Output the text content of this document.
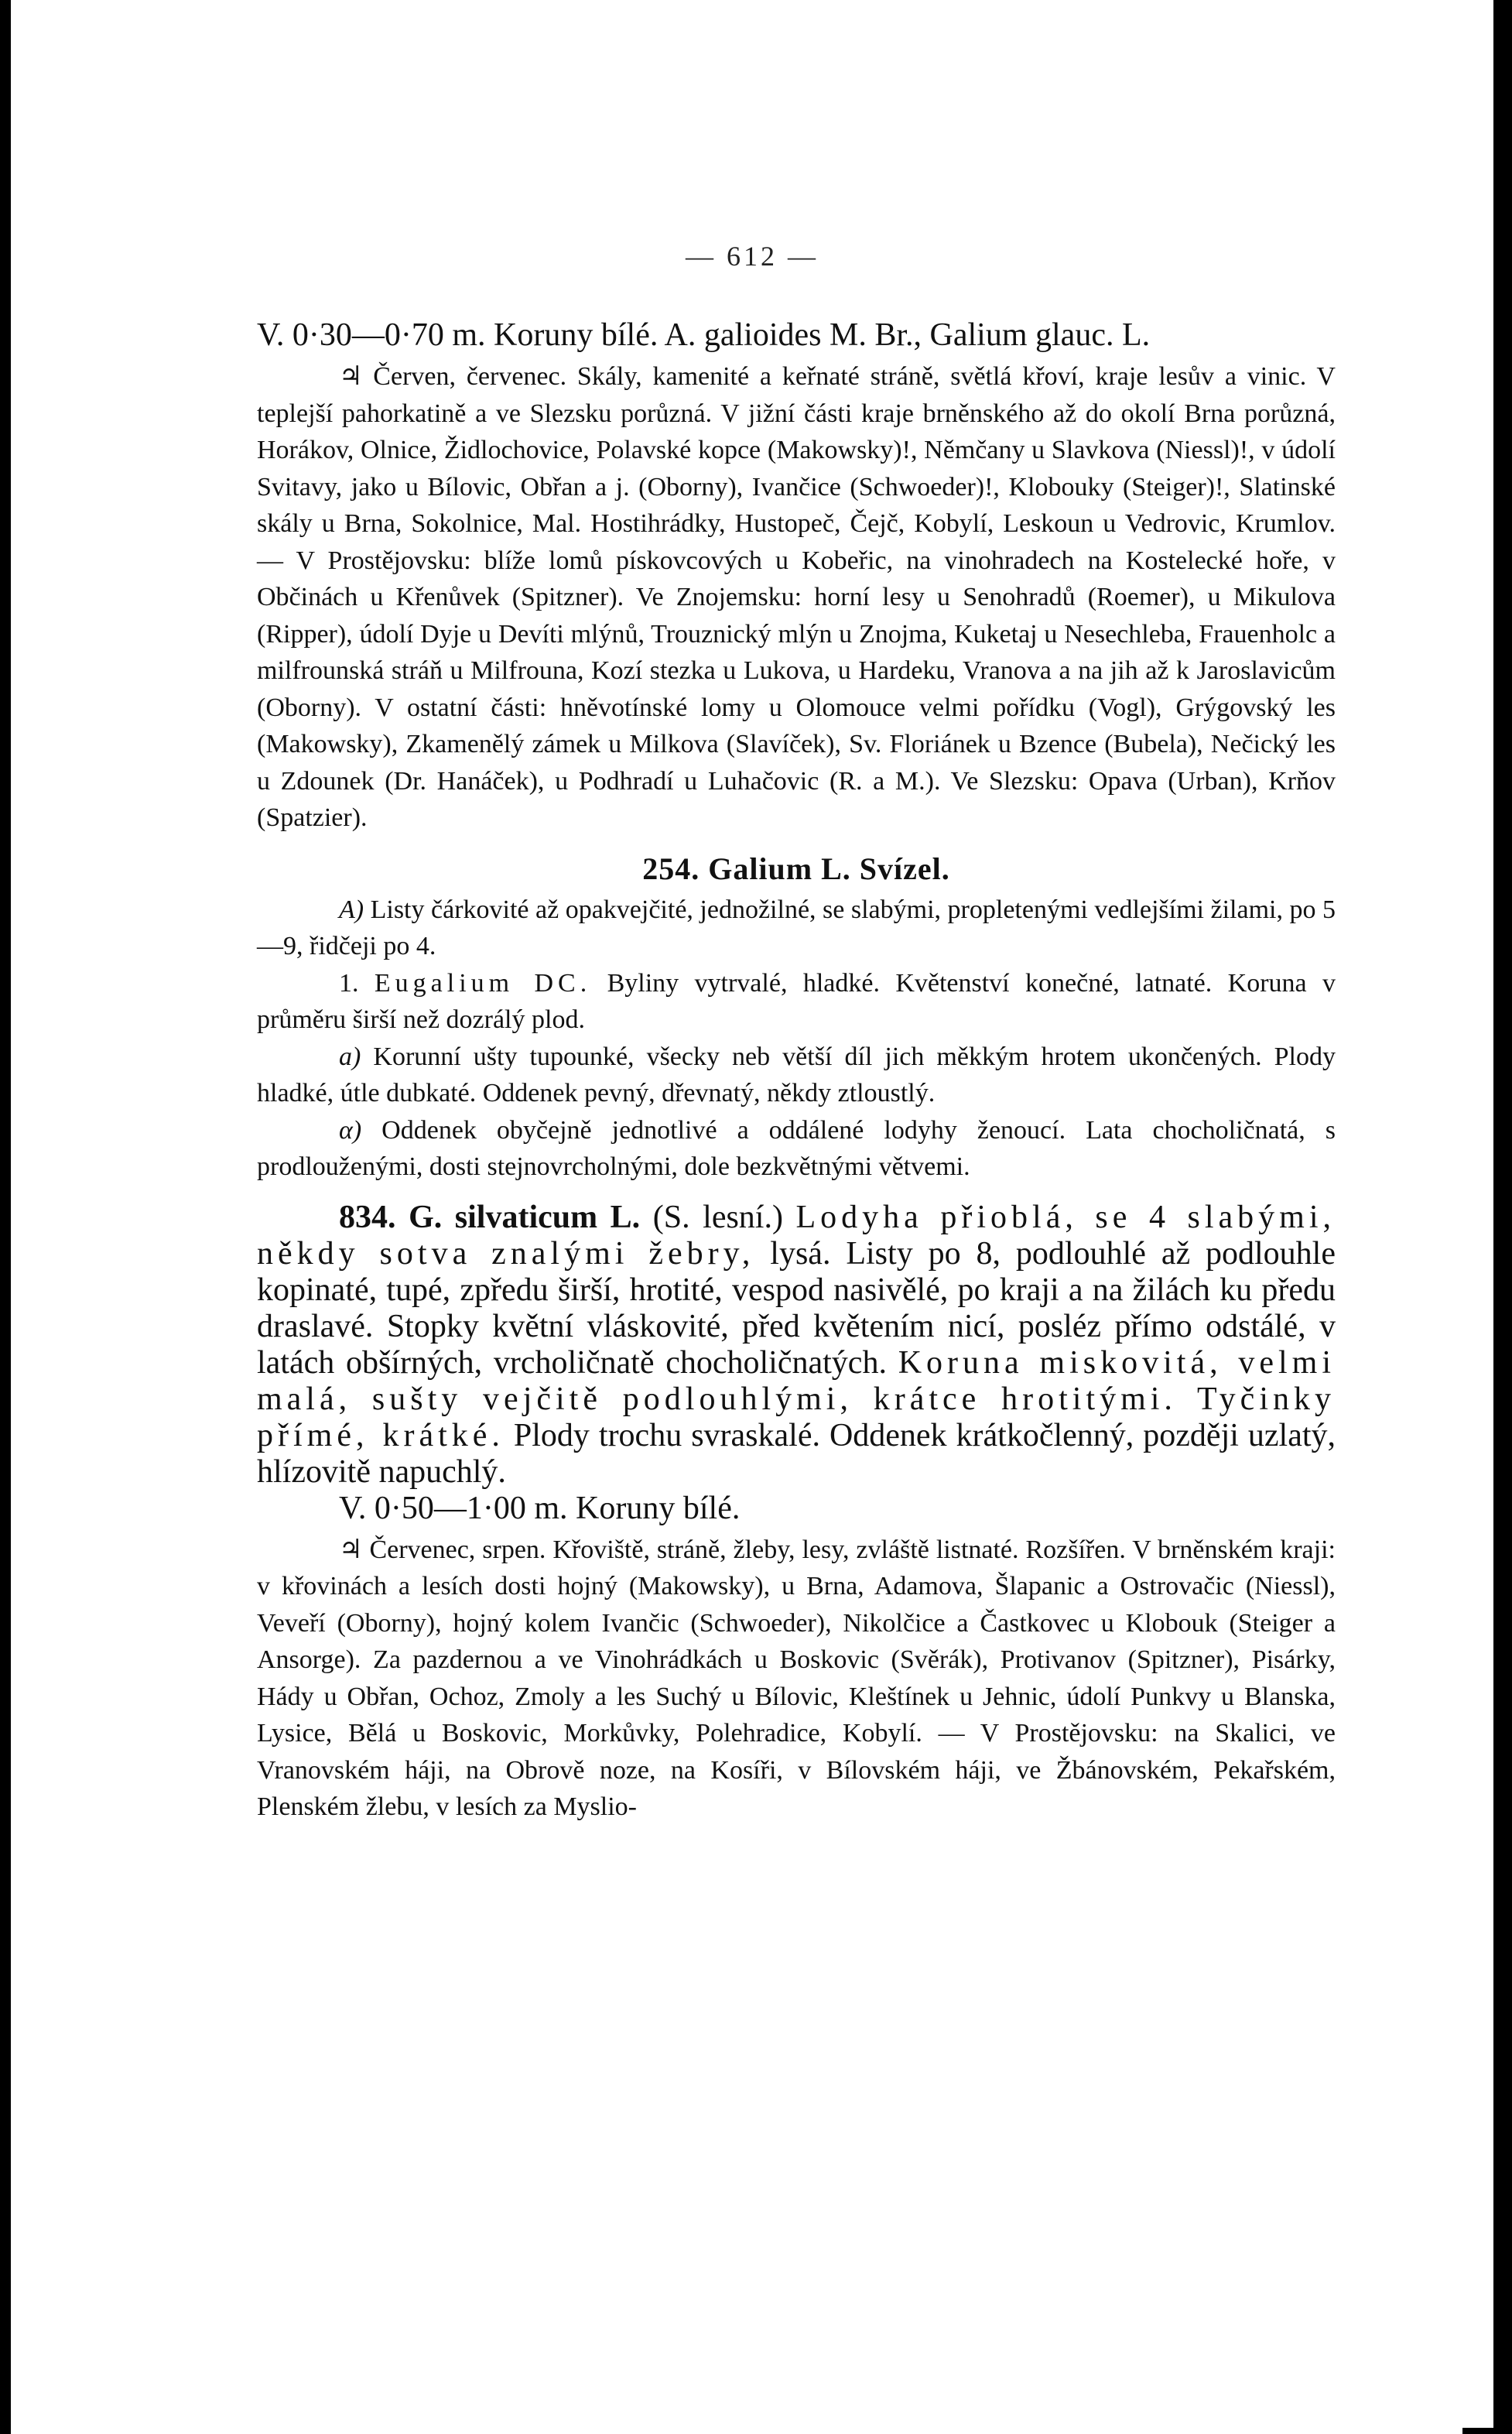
— 612 —

V. 0·30—0·70 m. Koruny bílé. A. galioides M. Br., Galium glauc. L.

♃ Červen, červenec. Skály, kamenité a keřnaté stráně, světlá křoví, kraje lesův a vinic. V teplejší pahorkatině a ve Slezsku porůzná. V jižní části kraje brněnského až do okolí Brna porůzná, Horákov, Olnice, Židlochovice, Polavské kopce (Makowsky)!, Němčany u Slavkova (Niessl)!, v údolí Svitavy, jako u Bílovic, Obřan a j. (Oborny), Ivančice (Schwoeder)!, Klobouky (Steiger)!, Slatinské skály u Brna, Sokolnice, Mal. Hostihrádky, Hustopeč, Čejč, Kobylí, Leskoun u Vedrovic, Krumlov. — V Prostějovsku: blíže lomů pískovcových u Kobeřic, na vinohradech na Kostelecké hoře, v Občinách u Křenůvek (Spitzner). Ve Znojemsku: horní lesy u Senohradů (Roemer), u Mikulova (Ripper), údolí Dyje u Devíti mlýnů, Trouznický mlýn u Znojma, Kuketaj u Nesechleba, Frauenholc a milfrounská stráň u Milfrouna, Kozí stezka u Lukova, u Hardeku, Vranova a na jih až k Jaroslavicům (Oborny). V ostatní části: hněvotínské lomy u Olomouce velmi pořídku (Vogl), Grýgovský les (Makowsky), Zkamenělý zámek u Milkova (Slavíček), Sv. Floriánek u Bzence (Bubela), Nečický les u Zdounek (Dr. Hanáček), u Podhradí u Luhačovic (R. a M.). Ve Slezsku: Opava (Urban), Krňov (Spatzier).

254. Galium L. Svízel.

A) Listy čárkovité až opakvejčité, jednožilné, se slabými, propletenými vedlejšími žilami, po 5—9, řidčeji po 4.

1. Eugalium DC. Byliny vytrvalé, hladké. Květenství konečné, latnaté. Koruna v průměru širší než dozrálý plod.

a) Korunní ušty tupounké, všecky neb větší díl jich měkkým hrotem ukončených. Plody hladké, útle dubkaté. Oddenek pevný, dřevnatý, někdy ztloustlý.

α) Oddenek obyčejně jednotlivé a oddálené lodyhy ženoucí. Lata chocholičnatá, s prodlouženými, dosti stejnovrcholnými, dole bezkvětnými větvemi.

834. G. silvaticum L. (S. lesní.) Lodyha přioblá, se 4 slabými, někdy sotva znalými žebry, lysá. Listy po 8, podlouhlé až podlouhle kopinaté, tupé, zpředu širší, hrotité, vespod nasivělé, po kraji a na žilách ku předu draslavé. Stopky květní vláskovité, před květením nicí, posléz přímo odstálé, v latách obšírných, vrcholičnatě chocholičnatých. Koruna miskovitá, velmi malá, sušty vejčitě podlouhlými, krátce hrotitými. Tyčinky přímé, krátké. Plody trochu svraskalé. Oddenek krátkočlenný, později uzlatý, hlízovitě napuchlý.

V. 0·50—1·00 m. Koruny bílé.

♃ Červenec, srpen. Křoviště, stráně, žleby, lesy, zvláště listnaté. Rozšířen. V brněnském kraji: v křovinách a lesích dosti hojný (Makowsky), u Brna, Adamova, Šlapanic a Ostrovačic (Niessl), Veveří (Oborny), hojný kolem Ivančic (Schwoeder), Nikolčice a Častkovec u Klobouk (Steiger a Ansorge). Za pazdernou a ve Vinohrádkách u Boskovic (Svěrák), Protivanov (Spitzner), Pisárky, Hády u Obřan, Ochoz, Zmoly a les Suchý u Bílovic, Kleštínek u Jehnic, údolí Punkvy u Blanska, Lysice, Bělá u Boskovic, Morkůvky, Polehradice, Kobylí. — V Prostějovsku: na Skalici, ve Vranovském háji, na Obrově noze, na Kosíři, v Bílovském háji, ve Žbánovském, Pekařském, Plenském žlebu, v lesích za Myslio-
